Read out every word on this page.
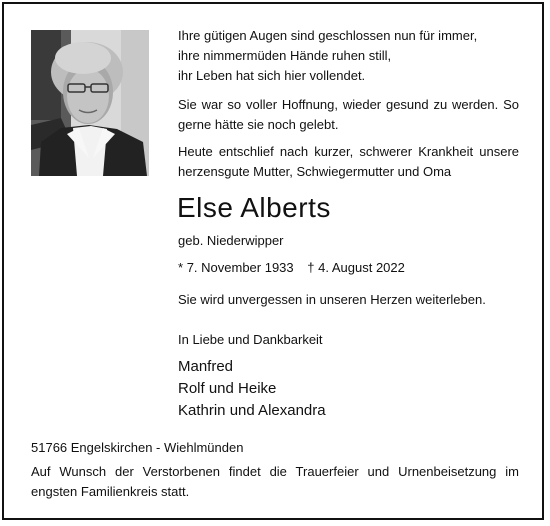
Ihre gütigen Augen sind geschlossen nun für immer,
ihre nimmermüden Hände ruhen still,
ihr Leben hat sich hier vollendet.

Sie war so voller Hoffnung, wieder gesund zu werden. So gerne hätte sie noch gelebt.

Heute entschlief nach kurzer, schwerer Krankheit unsere herzensgute Mutter, Schwiegermutter und Oma

Else Alberts
geb. Niederwipper
* 7. November 1933 † 4. August 2022
Sie wird unvergessen in unseren Herzen weiterleben.
In Liebe und Dankbarkeit
Manfred
Rolf und Heike
Kathrin und Alexandra
51766 Engelskirchen - Wiehlmünden

Auf Wunsch der Verstorbenen findet die Trauerfeier und Urnenbeisetzung im engsten Familienkreis statt.
